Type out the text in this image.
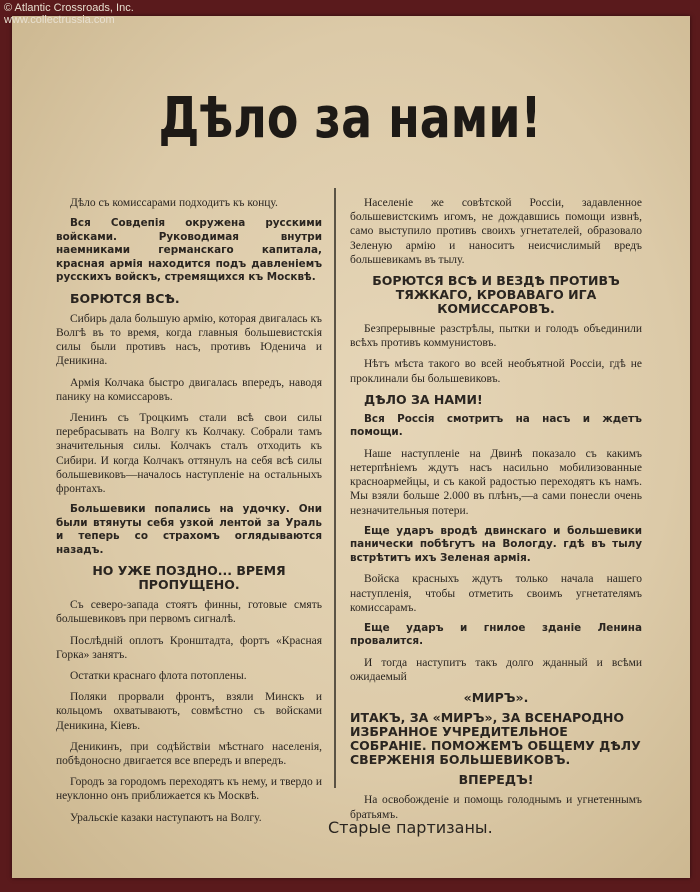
© Atlantic Crossroads, Inc.
www.collectrussia.com
Дѣло за нами!

Дѣло съ комиссарами подходитъ къ концу.

Вся Совдепія окружена русскими войсками. Руководимая внутри наемниками германскаго капитала, красная армія находится подъ давленіемъ русскихъ войскъ, стремящихся къ Москвѣ.

БОРЮТСЯ ВСѢ.

Сибирь дала большую армію, которая двигалась къ Волгѣ въ то время, когда главныя большевистскія силы были противъ насъ, противъ Юденича и Деникина.

Армія Колчака быстро двигалась впередъ, наводя панику на комиссаровъ.

Ленинъ съ Троцкимъ стали всѣ свои силы перебрасывать на Волгу къ Колчаку. Собрали тамъ значительныя силы. Колчакъ сталъ отходить къ Сибири. И когда Колчакъ оттянулъ на себя всѣ силы большевиковъ—началось наступленіе на остальныхъ фронтахъ.

Большевики попались на удочку. Они были втянуты себя узкой лентой за Ураль и теперь со страхомъ оглядываются назадъ.

НО УЖЕ ПОЗДНО... ВРЕМЯ ПРОПУЩЕНО.

Съ северо-запада стоятъ финны, готовые смять большевиковъ при первомъ сигналѣ.

Послѣдній оплотъ Кронштадта, фортъ «Красная Горка» занятъ.

Остатки краснаго флота потоплены.

Поляки прорвали фронтъ, взяли Минскъ и кольцомъ охватываютъ, совмѣстно съ войсками Деникина, Кіевъ.

Деникинъ, при содѣйствіи мѣстнаго населенія, побѣдоносно двигается все впередъ и впередъ.

Городъ за городомъ переходятъ къ нему, и твердо и неуклонно онъ приближается къ Москвѣ.

Уральскіе казаки наступаютъ на Волгу.

Населеніе же совѣтской Россіи, задавленное большевистскимъ игомъ, не дождавшись помощи извнѣ, само выступило противъ своихъ угнетателей, образовало Зеленую армію и наноситъ неисчислимый вредъ большевикамъ въ тылу.

БОРЮТСЯ ВСѢ И ВЕЗДѢ ПРОТИВЪ ТЯЖКАГО, КРОВАВАГО ИГА КОМИССАРОВЪ.

Безпрерывные разстрѣлы, пытки и голодъ объединили всѣхъ противъ коммунистовъ.

Нѣтъ мѣста такого во всей необъятной Россіи, гдѣ не проклинали бы большевиковъ.

ДѢЛО ЗА НАМИ!

Вся Россія смотритъ на насъ и ждетъ помощи.

Наше наступленіе на Двинѣ показало съ какимъ нетерпѣніемъ ждутъ насъ насильно мобилизованные красноармейцы, и съ какой радостью переходятъ къ намъ. Мы взяли больше 2.000 въ плѣнъ,—а сами понесли очень незначительныя потери.

Еще ударъ вродѣ двинскаго и большевики панически побѣгутъ на Вологду. гдѣ въ тылу встрѣтитъ ихъ Зеленая армія.

Войска красныхъ ждутъ только начала нашего наступленія, чтобы отметить своимъ угнетателямъ комиссарамъ.

Еще ударъ и гнилое зданіе Ленина провалится.

И тогда наступитъ такъ долго жданный и всѣми ожидаемый

«МИРЪ».
ИТАКЪ, ЗА «МИРЪ», ЗА ВСЕНАРОДНО ИЗБРАННОЕ УЧРЕДИТЕЛЬНОЕ СОБРАНІЕ. ПОМОЖЕМЪ ОБЩЕМУ ДѢЛУ СВЕРЖЕНІЯ БОЛЬШЕВИКОВЪ.
ВПЕРЕДЪ!

На освобожденіе и помощь голоднымъ и угнетеннымъ братьямъ.

Старые партизаны.
